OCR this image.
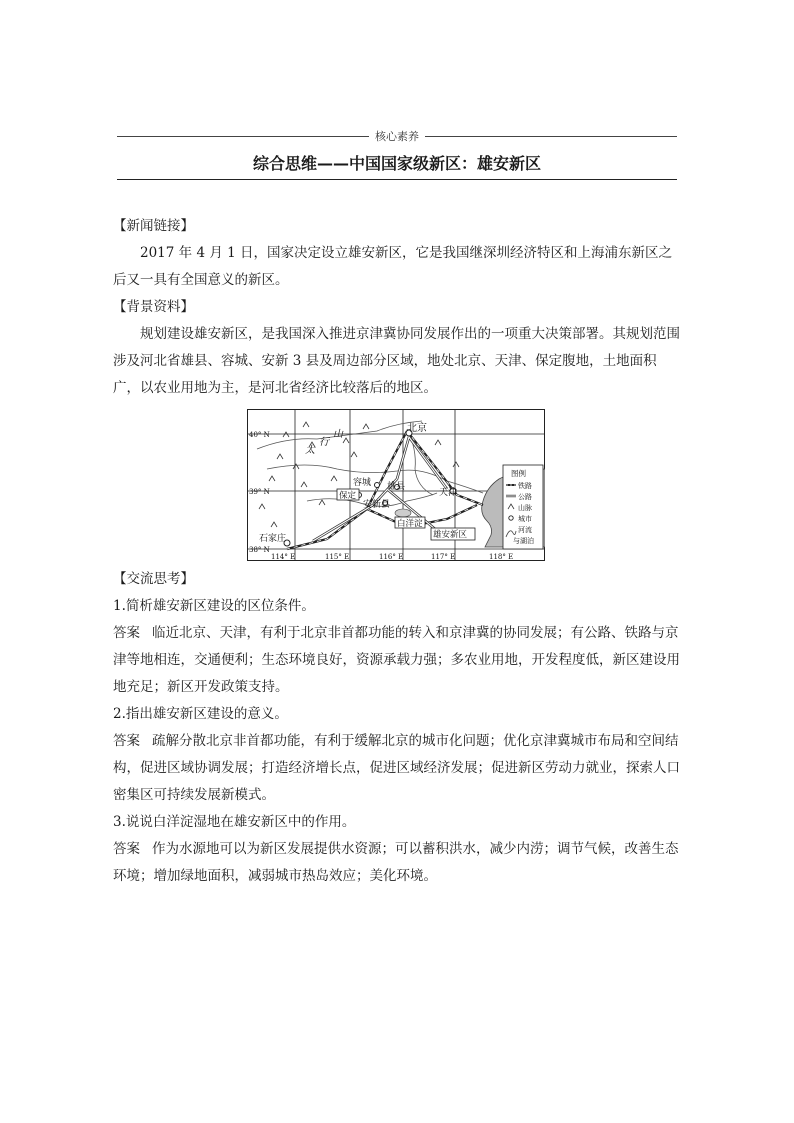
核心素养
综合思维——中国国家级新区：雄安新区
【新闻链接】
2017 年 4 月 1 日，国家决定设立雄安新区，它是我国继深圳经济特区和上海浦东新区之后又一具有全国意义的新区。
【背景资料】
规划建设雄安新区，是我国深入推进京津冀协同发展作出的一项重大决策部署。其规划范围涉及河北省雄县、容城、安新 3 县及周边部分区域，地处北京、天津、保定腹地，土地面积广，以农业用地为主，是河北省经济比较落后的地区。
40° N
39° N
38° N
114° E	115° E	116° E	117° E	118° E
北京
容城 雄县
安新县
天津
石家庄
保定
白洋淀
雄安新区
太
行
山
图例
铁路
公路
山脉
城市
河流
与湖泊
【交流思考】
1.简析雄安新区建设的区位条件。
答案 临近北京、天津，有利于北京非首都功能的转入和京津冀的协同发展；有公路、铁路与京津等地相连，交通便利；生态环境良好，资源承载力强；多农业用地，开发程度低，新区建设用地充足；新区开发政策支持。
2.指出雄安新区建设的意义。
答案 疏解分散北京非首都功能，有利于缓解北京的城市化问题；优化京津冀城市布局和空间结构，促进区域协调发展；打造经济增长点，促进区域经济发展；促进新区劳动力就业，探索人口密集区可持续发展新模式。
3.说说白洋淀湿地在雄安新区中的作用。
答案 作为水源地可以为新区发展提供水资源；可以蓄积洪水，减少内涝；调节气候，改善生态环境；增加绿地面积，减弱城市热岛效应；美化环境。
